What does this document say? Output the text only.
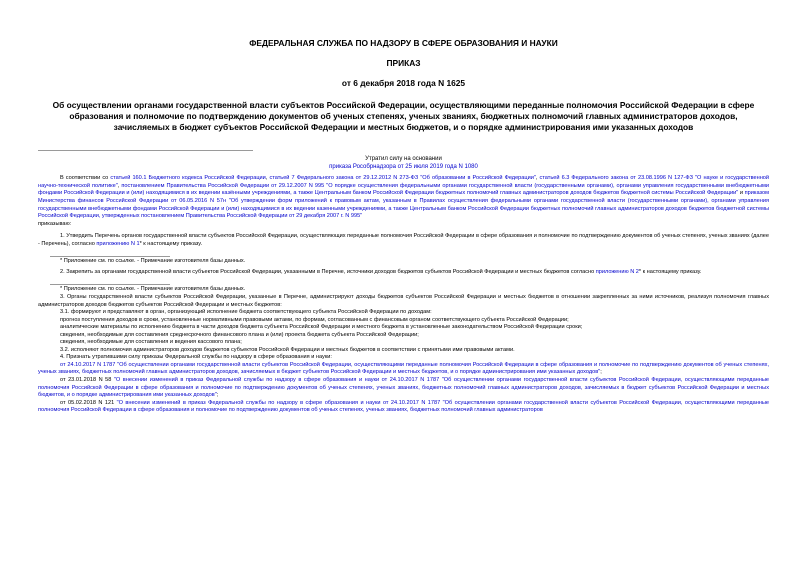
ФЕДЕРАЛЬНАЯ СЛУЖБА ПО НАДЗОРУ В СФЕРЕ ОБРАЗОВАНИЯ И НАУКИ
ПРИКАЗ
от 6 декабря 2018 года N 1625
Об осуществлении органами государственной власти субъектов Российской Федерации, осуществляющими переданные полномочия Российской Федерации в сфере образования и полномочие по подтверждению документов об ученых степенях, ученых званиях, бюджетных полномочий главных администраторов доходов, зачисляемых в бюджет субъектов Российской Федерации и местных бюджетов, и о порядке администрирования ими указанных доходов
Утратил силу на основании
приказа Рособрнадзора от 25 июля 2019 года N 1080

В соответствии со статьей 160.1 Бюджетного кодекса Российской Федерации, статьей 7 Федерального закона от 29.12.2012 N 273-ФЗ "Об образовании в Российской Федерации", статьей 6.3 Федерального закона от 23.08.1996 N 127-ФЗ "О науке и государственной научно-технической политике", постановлением Правительства Российской Федерации от 29.12.2007 N 995 "О порядке осуществления федеральными органами государственной власти (государственными органами), органами управления государственными внебюджетными фондами Российской Федерации и (или) находящимися в их ведении казёнными учреждениями, а также Центральным банком Российской Федерации бюджетных полномочий главных администраторов доходов бюджетов бюджетной системы Российской Федерации" и приказом Министерства финансов Российской Федерации от 06.05.2016 N 57н "Об утверждении форм приложений к правовым актам, указанным в Правилах осуществления федеральными органами государственной власти (государственными органами), органами управления государственными внебюджетными фондами Российской Федерации и (или) находящимися в их ведении казенными учреждениями, а также Центральным банком Российской Федерации бюджетных полномочий главных администраторов доходов бюджетов бюджетной системы Российской Федерации, утвержденных постановлением Правительства Российской Федерации от 29 декабря 2007 г. N 995"

приказываю:

1. Утвердить Перечень органов государственной власти субъектов Российской Федерации, осуществляющих переданные полномочия Российской Федерации в сфере образования и полномочие по подтверждению документов об ученых степенях, ученых званиях (далее - Перечень), согласно приложению N 1* к настоящему приказу.

* Приложение см. по ссылке. - Примечание изготовителя базы данных.

2. Закрепить за органами государственной власти субъектов Российской Федерации, указанными в Перечне, источники доходов бюджетов субъектов Российской Федерации и местных бюджетов согласно приложению N 2* к настоящему приказу.

* Приложение см. по ссылке. - Примечание изготовителя базы данных.

3. Органы государственной власти субъектов Российской Федерации, указанные в Перечне, администрируют доходы бюджетов субъектов Российской Федерации и местных бюджетов в отношении закрепленных за ними источников, реализуя полномочия главных администраторов доходов бюджетов субъектов Российской Федерации и местных бюджетов:

3.1. формируют и представляют в орган, организующий исполнение бюджета соответствующего субъекта Российской Федерации по доходам:

прогноз поступления доходов в сроки, установленные нормативными правовыми актами, по формам, согласованным с финансовым органом соответствующего субъекта Российской Федерации;

аналитические материалы по исполнению бюджета в части доходов бюджета субъекта Российской Федерации и местного бюджета в установленные законодательством Российской Федерации сроки;

сведения, необходимые для составления среднесрочного финансового плана и (или) проекта бюджета субъекта Российской Федерации;

сведения, необходимые для составления и ведения кассового плана;

3.2. исполняют полномочия администраторов доходов бюджетов субъектов Российской Федерации и местных бюджетов в соответствии с принятыми ими правовыми актами.

4. Признать утратившими силу приказы Федеральной службы по надзору в сфере образования и науки:

от 24.10.2017 N 1787 "Об осуществлении органами государственной власти субъектов Российской Федерации, осуществляющими переданные полномочия Российской Федерации в сфере образования и полномочие по подтверждению документов об ученых степенях, ученых званиях, бюджетных полномочий главных администраторов доходов, зачисляемых в бюджет субъектов Российской Федерации и местных бюджетов, и о порядке администрирования ими указанных доходов";

от 23.01.2018 N 58 "О внесении изменений в приказ Федеральной службы по надзору в сфере образования и науки от 24.10.2017 N 1787 "Об осуществлении органами государственной власти субъектов Российской Федерации, осуществляющими переданные полномочия Российской Федерации в сфере образования и полномочие по подтверждению документов об ученых степенях, ученых званиях, бюджетных полномочий главных администраторов доходов, зачисляемых в бюджет субъектов Российской Федерации и местных бюджетов, и о порядке администрирования ими указанных доходов";

от 05.02.2018 N 121 "О внесении изменений в приказ Федеральной службы по надзору в сфере образования и науки от 24.10.2017 N 1787 "Об осуществлении органами государственной власти субъектов Российской Федерации, осуществляющими переданные полномочия Российской Федерации в сфере образования и полномочие по подтверждению документов об ученых степенях, ученых званиях, бюджетных полномочий главных администраторов
